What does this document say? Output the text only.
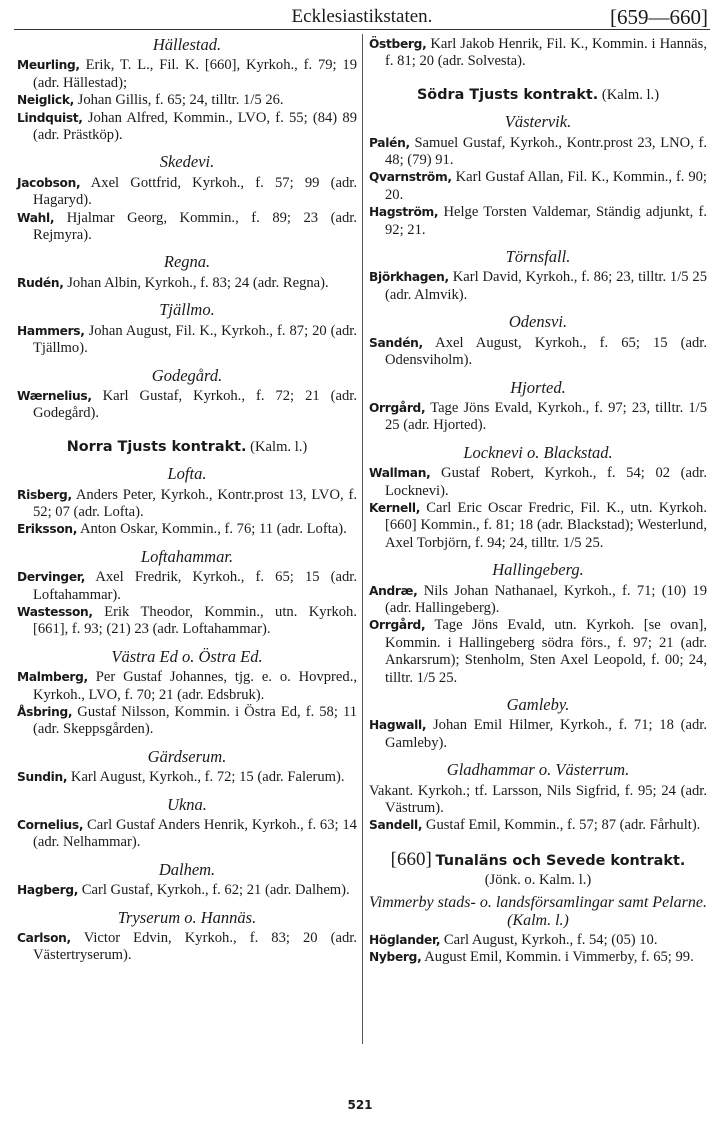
Ecklesiastikstaten.	[659—660]
Hällestad.

Meurling, Erik, T. L., Fil. K. [660], Kyrkoh., f. 79; 19 (adr. Hällestad);

Neiglick, Johan Gillis, f. 65; 24, tilltr. 1/5 26.

Lindquist, Johan Alfred, Kommin., LVO, f. 55; (84) 89 (adr. Prästköp).

Skedevi.

Jacobson, Axel Gottfrid, Kyrkoh., f. 57; 99 (adr. Hagaryd).

Wahl, Hjalmar Georg, Kommin., f. 89; 23 (adr. Rejmyra).

Regna.

Rudén, Johan Albin, Kyrkoh., f. 83; 24 (adr. Regna).

Tjällmo.

Hammers, Johan August, Fil. K., Kyrkoh., f. 87; 20 (adr. Tjällmo).

Godegård.

Wærnelius, Karl Gustaf, Kyrkoh., f. 72; 21 (adr. Godegård).

Norra Tjusts kontrakt. (Kalm. l.)
Lofta.

Risberg, Anders Peter, Kyrkoh., Kontr.prost 13, LVO, f. 52; 07 (adr. Lofta).

Eriksson, Anton Oskar, Kommin., f. 76; 11 (adr. Lofta).

Loftahammar.

Dervinger, Axel Fredrik, Kyrkoh., f. 65; 15 (adr. Loftahammar).

Wastesson, Erik Theodor, Kommin., utn. Kyrkoh. [661], f. 93; (21) 23 (adr. Loftahammar).

Västra Ed o. Östra Ed.

Malmberg, Per Gustaf Johannes, tjg. e. o. Hovpred., Kyrkoh., LVO, f. 70; 21 (adr. Edsbruk).

Åsbring, Gustaf Nilsson, Kommin. i Östra Ed, f. 58; 11 (adr. Skeppsgården).

Gärdserum.

Sundin, Karl August, Kyrkoh., f. 72; 15 (adr. Falerum).

Ukna.

Cornelius, Carl Gustaf Anders Henrik, Kyrkoh., f. 63; 14 (adr. Nelhammar).

Dalhem.

Hagberg, Carl Gustaf, Kyrkoh., f. 62; 21 (adr. Dalhem).

Tryserum o. Hannäs.

Carlson, Victor Edvin, Kyrkoh., f. 83; 20 (adr. Västertryserum).

Östberg, Karl Jakob Henrik, Fil. K., Kommin. i Hannäs, f. 81; 20 (adr. Solvesta).

Södra Tjusts kontrakt. (Kalm. l.)
Västervik.

Palén, Samuel Gustaf, Kyrkoh., Kontr.prost 23, LNO, f. 48; (79) 91.

Qvarnström, Karl Gustaf Allan, Fil. K., Kommin., f. 90; 20.

Hagström, Helge Torsten Valdemar, Ständig adjunkt, f. 92; 21.

Törnsfall.

Björkhagen, Karl David, Kyrkoh., f. 86; 23, tilltr. 1/5 25 (adr. Almvik).

Odensvi.

Sandén, Axel August, Kyrkoh., f. 65; 15 (adr. Odensviholm).

Hjorted.

Orrgård, Tage Jöns Evald, Kyrkoh., f. 97; 23, tilltr. 1/5 25 (adr. Hjorted).

Locknevi o. Blackstad.

Wallman, Gustaf Robert, Kyrkoh., f. 54; 02 (adr. Locknevi).

Kernell, Carl Eric Oscar Fredric, Fil. K., utn. Kyrkoh. [660] Kommin., f. 81; 18 (adr. Blackstad); Westerlund, Axel Torbjörn, f. 94; 24, tilltr. 1/5 25.

Hallingeberg.

Andræ, Nils Johan Nathanael, Kyrkoh., f. 71; (10) 19 (adr. Hallingeberg).

Orrgård, Tage Jöns Evald, utn. Kyrkoh. [se ovan], Kommin. i Hallingeberg södra förs., f. 97; 21 (adr. Ankarsrum); Stenholm, Sten Axel Leopold, f. 00; 24, tilltr. 1/5 25.

Gamleby.

Hagwall, Johan Emil Hilmer, Kyrkoh., f. 71; 18 (adr. Gamleby).

Gladhammar o. Västerrum.

Vakant. Kyrkoh.; tf. Larsson, Nils Sigfrid, f. 95; 24 (adr. Västrum).

Sandell, Gustaf Emil, Kommin., f. 57; 87 (adr. Fårhult).

[660] Tunaläns och Sevede kontrakt.
(Jönk. o. Kalm. l.)
Vimmerby stads- o. landsförsamlingar samt Pelarne. (Kalm. l.)

Höglander, Carl August, Kyrkoh., f. 54; (05) 10.

Nyberg, August Emil, Kommin. i Vimmerby, f. 65; 99.

521
